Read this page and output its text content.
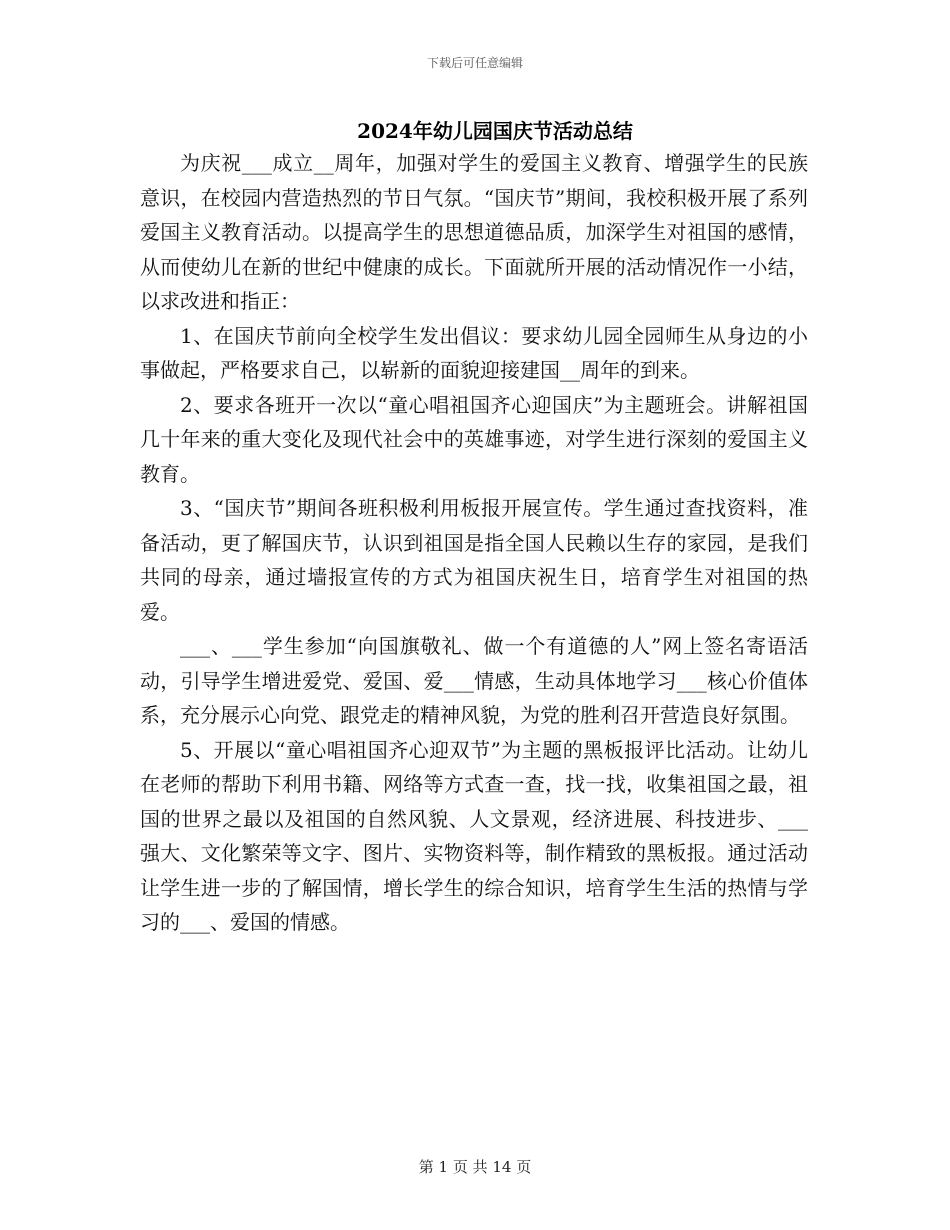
下载后可任意编辑
2024年幼儿园国庆节活动总结

为庆祝___成立__周年，加强对学生的爱国主义教育、增强学生的民族意识，在校园内营造热烈的节日气氛。“国庆节”期间，我校积极开展了系列爱国主义教育活动。以提高学生的思想道德品质，加深学生对祖国的感情，从而使幼儿在新的世纪中健康的成长。下面就所开展的活动情况作一小结，以求改进和指正：

1、在国庆节前向全校学生发出倡议：要求幼儿园全园师生从身边的小事做起，严格要求自己，以崭新的面貌迎接建国__周年的到来。

2、要求各班开一次以“童心唱祖国齐心迎国庆”为主题班会。讲解祖国几十年来的重大变化及现代社会中的英雄事迹，对学生进行深刻的爱国主义教育。

3、“国庆节”期间各班积极利用板报开展宣传。学生通过查找资料，准备活动，更了解国庆节，认识到祖国是指全国人民赖以生存的家园，是我们共同的母亲，通过墙报宣传的方式为祖国庆祝生日，培育学生对祖国的热爱。

___、___学生参加“向国旗敬礼、做一个有道德的人”网上签名寄语活动，引导学生增进爱党、爱国、爱___情感，生动具体地学习___核心价值体系，充分展示心向党、跟党走的精神风貌，为党的胜利召开营造良好氛围。

5、开展以“童心唱祖国齐心迎双节”为主题的黑板报评比活动。让幼儿在老师的帮助下利用书籍、网络等方式查一查，找一找，收集祖国之最，祖国的世界之最以及祖国的自然风貌、人文景观，经济进展、科技进步、___强大、文化繁荣等文字、图片、实物资料等，制作精致的黑板报。通过活动让学生进一步的了解国情，增长学生的综合知识，培育学生生活的热情与学习的___、爱国的情感。

第 1 页 共 14 页
